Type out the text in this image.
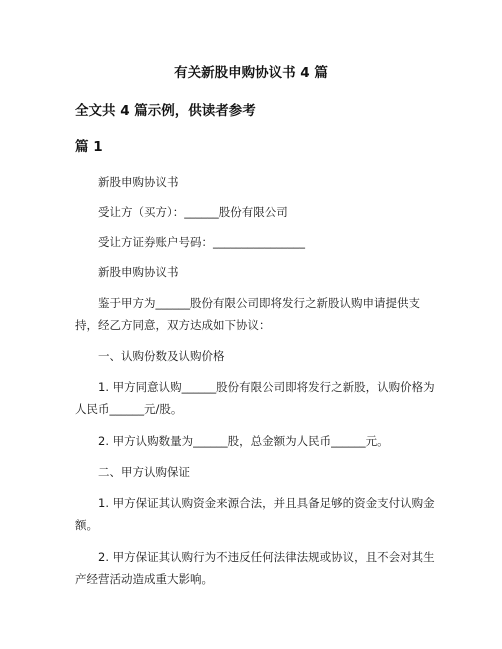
有关新股申购协议书 4 篇
全文共 4 篇示例，供读者参考
篇 1
新股申购协议书
受让方（买方）：______股份有限公司
受让方证券账户号码：________________
新股申购协议书
鉴于甲方为______股份有限公司即将发行之新股认购申请提供支持，经乙方同意，双方达成如下协议：
一、认购份数及认购价格
1. 甲方同意认购______股份有限公司即将发行之新股，认购价格为人民币______元/股。
2. 甲方认购数量为______股，总金额为人民币______元。
二、甲方认购保证
1. 甲方保证其认购资金来源合法，并且具备足够的资金支付认购金额。
2. 甲方保证其认购行为不违反任何法律法规或协议，且不会对其生产经营活动造成重大影响。
